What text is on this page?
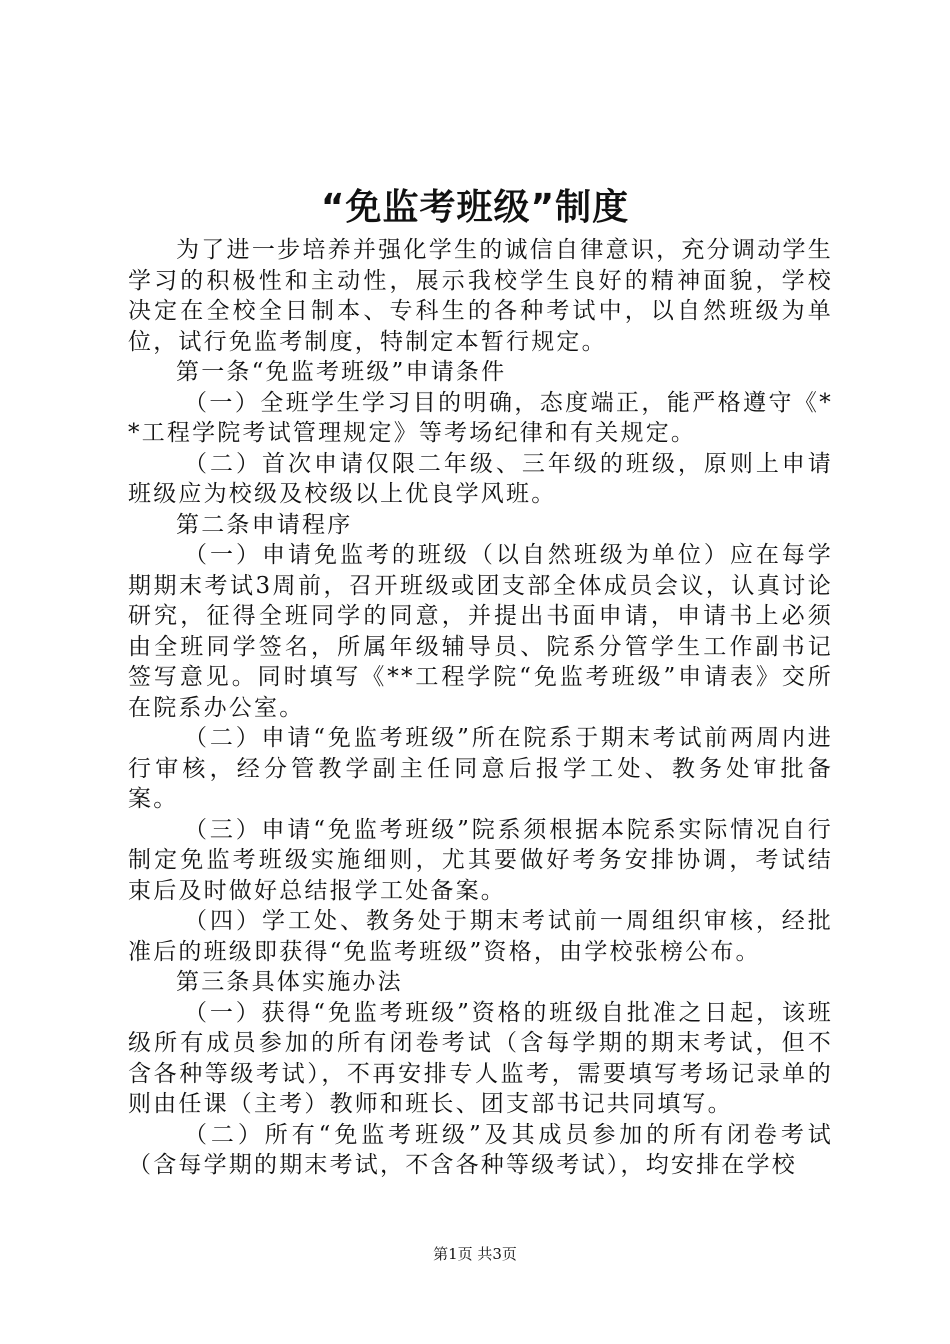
“免监考班级”制度

为了进一步培养并强化学生的诚信自律意识，充分调动学生学习的积极性和主动性，展示我校学生良好的精神面貌，学校决定在全校全日制本、专科生的各种考试中，以自然班级为单位，试行免监考制度，特制定本暂行规定。

第一条“免监考班级”申请条件

（一）全班学生学习目的明确，态度端正，能严格遵守《**工程学院考试管理规定》等考场纪律和有关规定。

（二）首次申请仅限二年级、三年级的班级，原则上申请班级应为校级及校级以上优良学风班。

第二条申请程序

（一）申请免监考的班级（以自然班级为单位）应在每学期期末考试3周前，召开班级或团支部全体成员会议，认真讨论研究，征得全班同学的同意，并提出书面申请，申请书上必须由全班同学签名，所属年级辅导员、院系分管学生工作副书记签写意见。同时填写《**工程学院“免监考班级”申请表》交所在院系办公室。

（二）申请“免监考班级”所在院系于期末考试前两周内进行审核，经分管教学副主任同意后报学工处、教务处审批备案。

（三）申请“免监考班级”院系须根据本院系实际情况自行制定免监考班级实施细则，尤其要做好考务安排协调，考试结束后及时做好总结报学工处备案。

（四）学工处、教务处于期末考试前一周组织审核，经批准后的班级即获得“免监考班级”资格，由学校张榜公布。

第三条具体实施办法

（一）获得“免监考班级”资格的班级自批准之日起，该班级所有成员参加的所有闭卷考试（含每学期的期末考试，但不含各种等级考试），不再安排专人监考，需要填写考场记录单的则由任课（主考）教师和班长、团支部书记共同填写。

（二）所有“免监考班级”及其成员参加的所有闭卷考试（含每学期的期末考试，不含各种等级考试），均安排在学校

第1页 共3页
